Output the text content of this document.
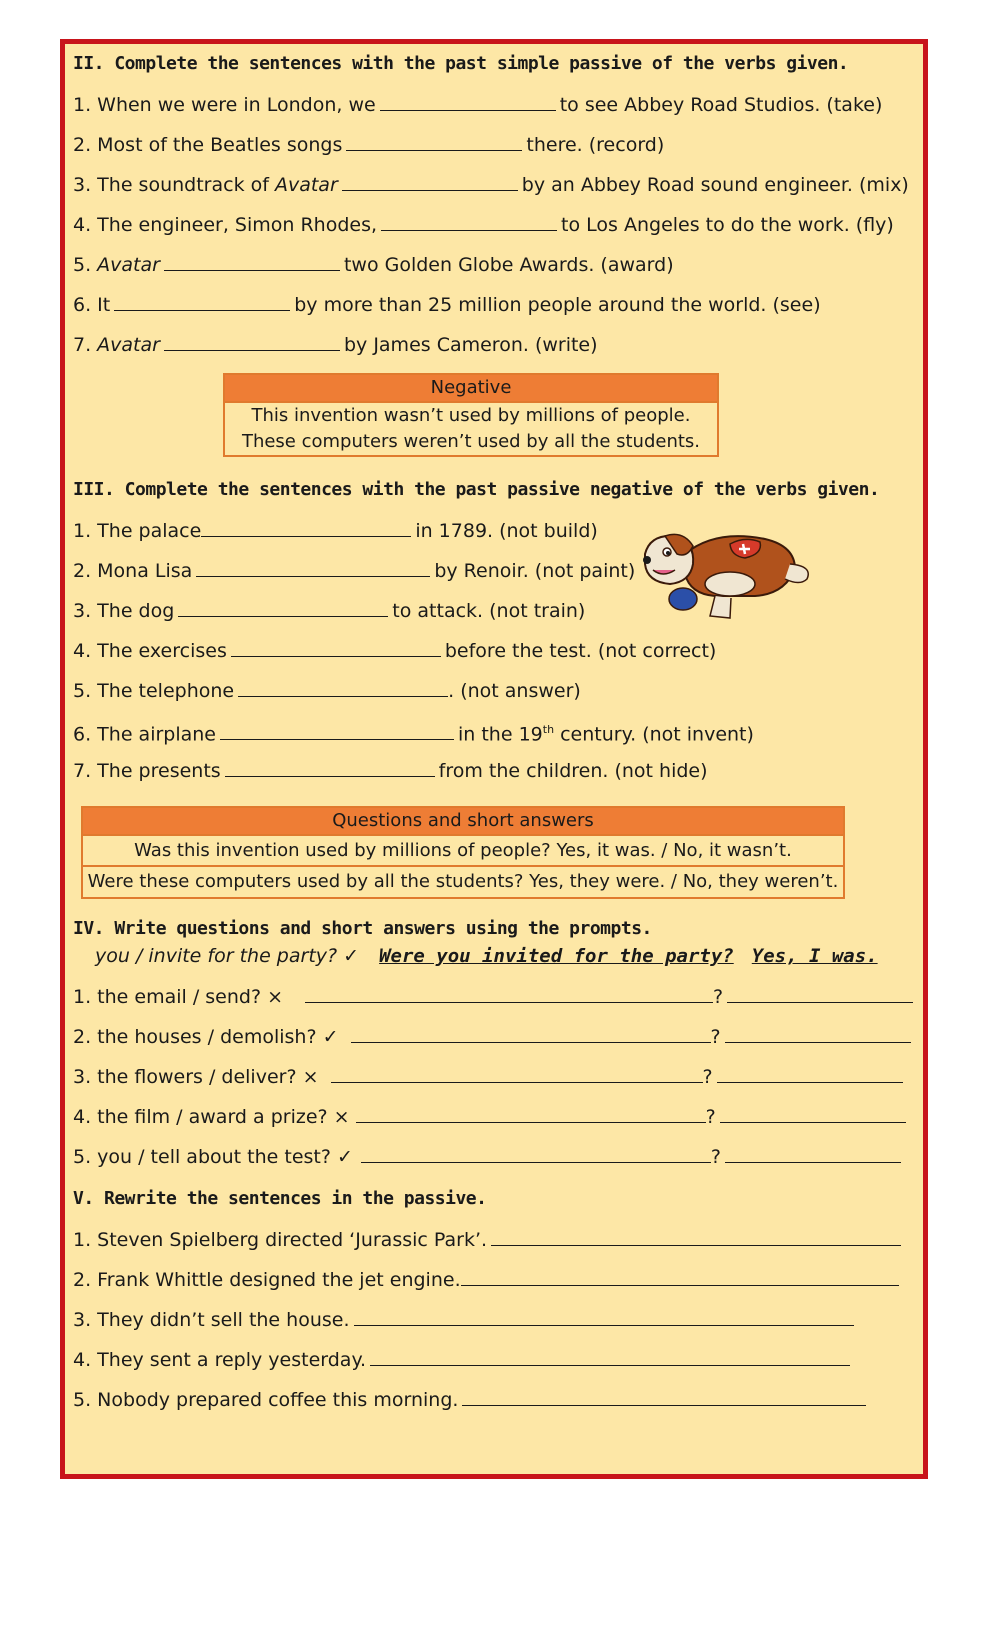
II. Complete the sentences with the past simple passive of the verbs given.
1. When we were in London, we	to see Abbey Road Studios. (take)
2. Most of the Beatles songs	there. (record)
3. The soundtrack of Avatar	by an Abbey Road sound engineer. (mix)
4. The engineer, Simon Rhodes,	to Los Angeles to do the work. (fly)
5. Avatar	two Golden Globe Awards. (award)
6. It	by more than 25 million people around the world. (see)
7. Avatar	by James Cameron. (write)
Negative
This invention wasn’t used by millions of people.
These computers weren’t used by all the students.
III. Complete the sentences with the past passive negative of the verbs given.
1. The palace	in 1789. (not build)
2. Mona Lisa	by Renoir. (not paint)
3. The dog	to attack. (not train)
4. The exercises	before the test. (not correct)
5. The telephone	. (not answer)
6. The airplane	in the 19th century. (not invent)
7. The presents	from the children. (not hide)
Questions and short answers
Was this invention used by millions of people? Yes, it was. / No, it wasn’t.
Were these computers used by all the students? Yes, they were. / No, they weren’t.
IV. Write questions and short answers using the prompts.
you / invite for the party? ✓ Were you invited for the party? Yes, I was.
1. the email / send? ×	?
2. the houses / demolish? ✓	?
3. the flowers / deliver? ×	?
4. the film / award a prize? ×	?
5. you / tell about the test? ✓	?
V. Rewrite the sentences in the passive.
1. Steven Spielberg directed ‘Jurassic Park’.
2. Frank Whittle designed the jet engine.
3. They didn’t sell the house.
4. They sent a reply yesterday.
5. Nobody prepared coffee this morning.
